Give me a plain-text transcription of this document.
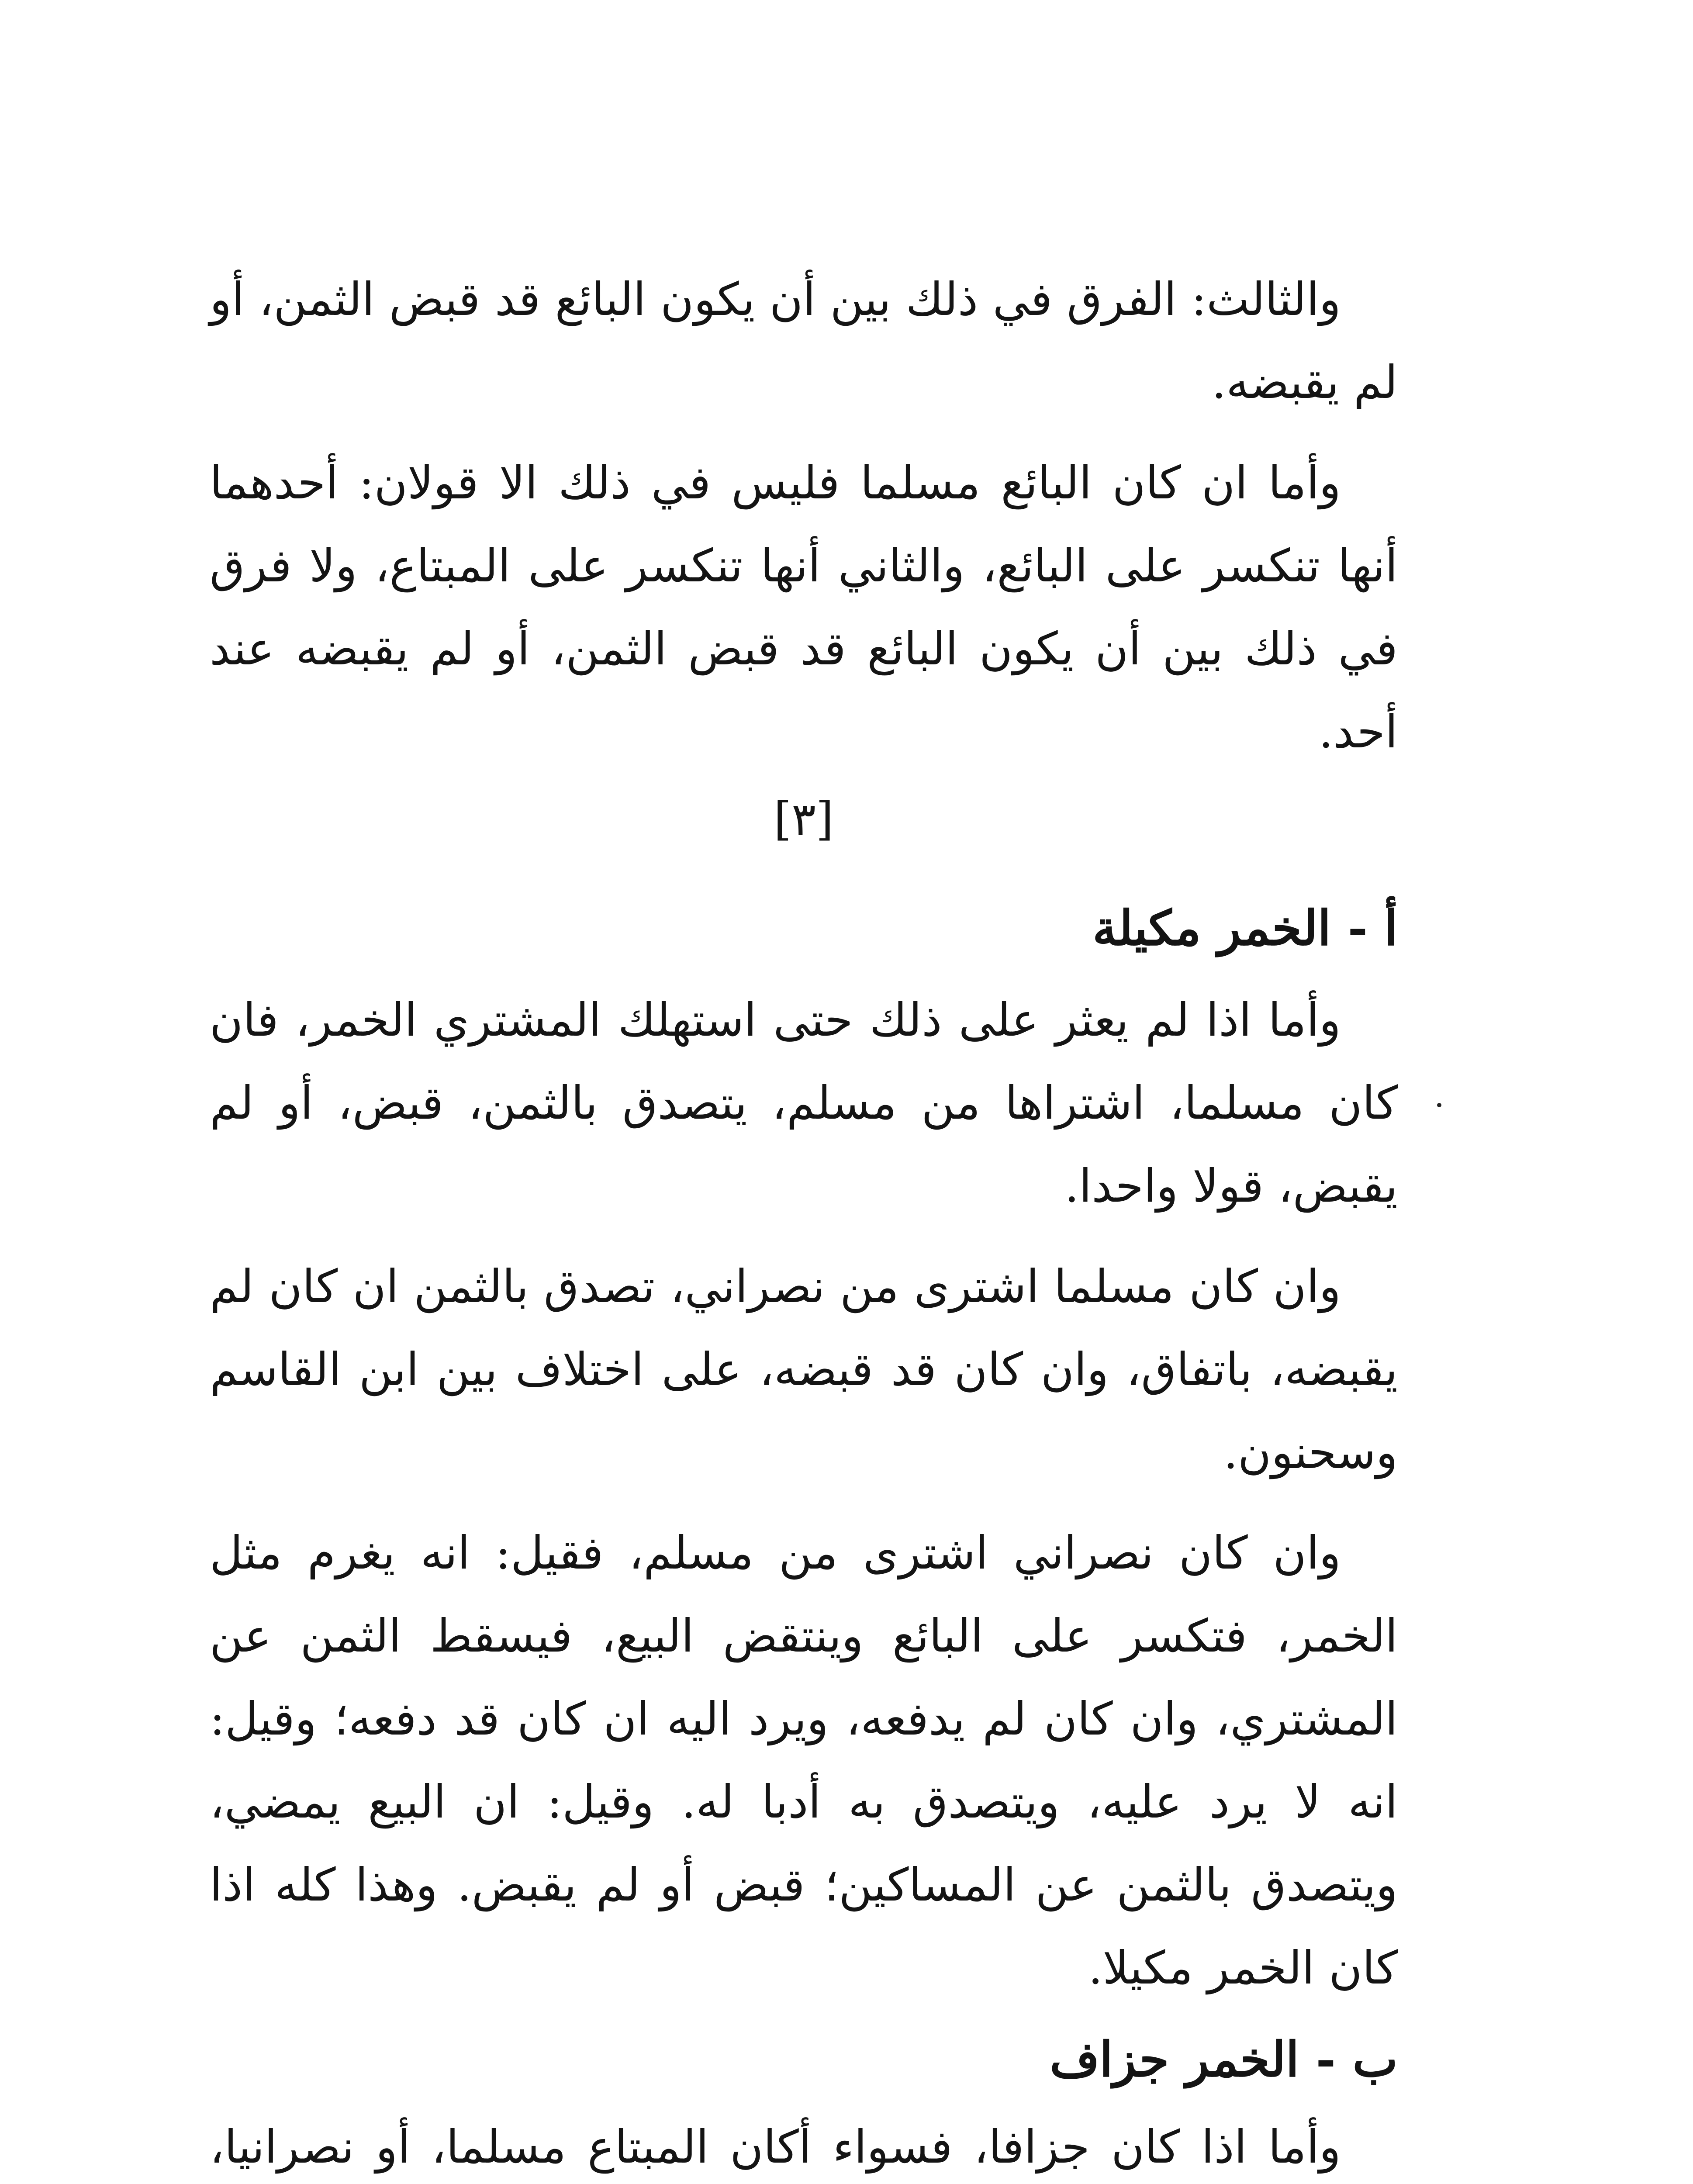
والثالث: الفرق في ذلك بين أن يكون البائع قد قبض الثمن، أو لم يقبضه.

وأما ان كان البائع مسلما فليس في ذلك الا قولان: أحدهما أنها تنكسر على البائع، والثاني أنها تنكسر على المبتاع، ولا فرق في ذلك بين أن يكون البائع قد قبض الثمن، أو لم يقبضه عند أحد.

[٣]

أ - الخمر مكيلة

وأما اذا لم يعثر على ذلك حتى استهلك المشتري الخمر، فان كان مسلما، اشتراها من مسلم، يتصدق بالثمن، قبض، أو لم يقبض، قولا واحدا.

وان كان مسلما اشترى من نصراني، تصدق بالثمن ان كان لم يقبضه، باتفاق، وان كان قد قبضه، على اختلاف بين ابن القاسم وسحنون.

وان كان نصراني اشترى من مسلم، فقيل: انه يغرم مثل الخمر، فتكسر على البائع وينتقض البيع، فيسقط الثمن عن المشتري، وان كان لم يدفعه، ويرد اليه ان كان قد دفعه؛ وقيل: انه لا يرد عليه، ويتصدق به أدبا له. وقيل: ان البيع يمضي، ويتصدق بالثمن عن المساكين؛ قبض أو لم يقبض. وهذا كله اذا كان الخمر مكيلا.

ب - الخمر جزاف

وأما اذا كان جزافا، فسواء أكان المبتاع مسلما، أو نصرانيا،
